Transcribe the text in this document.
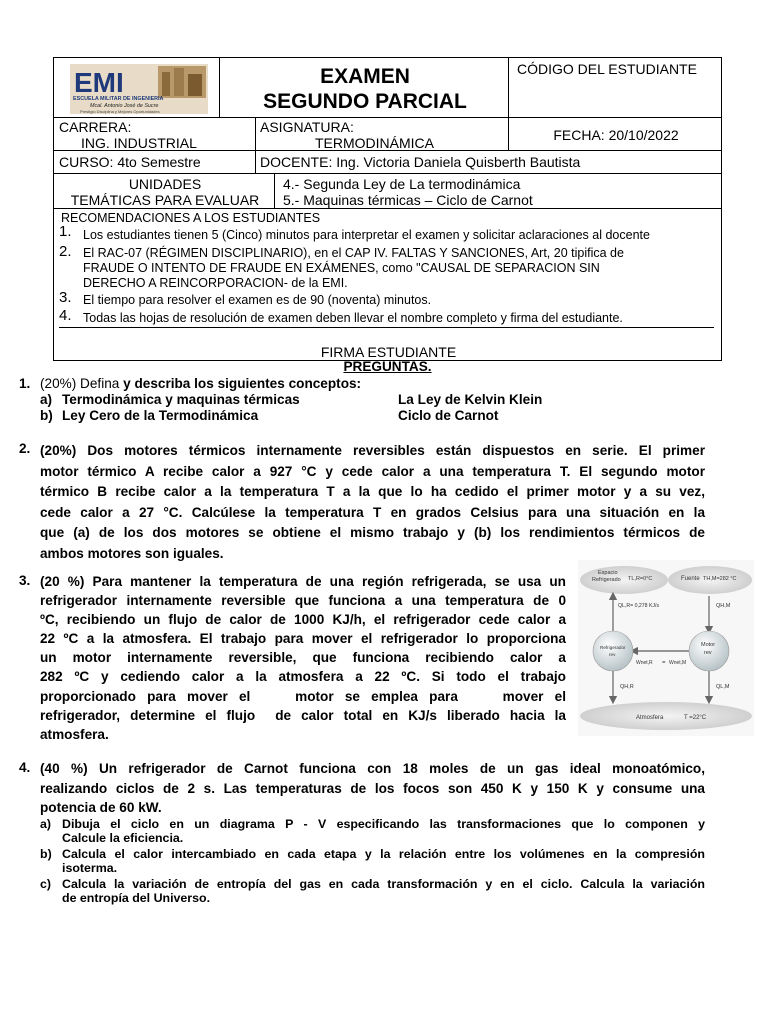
EMI
ESCUELA MILITAR DE INGENIERIA
Mcal. Antonio José de Sucre
Prestigio Disciplina y Mejores Oportunidades
EXAMEN
SEGUNDO PARCIAL
CÓDIGO DEL ESTUDIANTE
CARRERA:
ING. INDUSTRIAL
ASIGNATURA:
TERMODINÁMICA	FECHA: 20/10/2022
CURSO: 4to Semestre	DOCENTE: Ing. Victoria Daniela Quisberth Bautista
UNIDADES
TEMÁTICAS PARA EVALUAR
4.- Segunda Ley de La termodinámica
5.- Maquinas térmicas – Ciclo de Carnot
RECOMENDACIONES A LOS ESTUDIANTES
1. Los estudiantes tienen 5 (Cinco) minutos para interpretar el examen y solicitar aclaraciones al docente
2. El RAC-07 (RÉGIMEN DISCIPLINARIO), en el CAP IV. FALTAS Y SANCIONES, Art, 20 tipifica de
FRAUDE O INTENTO DE FRAUDE EN EXÁMENES, como "CAUSAL DE SEPARACION SIN
DERECHO A REINCORPORACION- de la EMI.
3. El tiempo para resolver el examen es de 90 (noventa) minutos.
4. Todas las hojas de resolución de examen deben llevar el nombre completo y firma del estudiante.
FIRMA ESTUDIANTE
PREGUNTAS.
1. (20%) Defina y describa los siguientes conceptos:
a) Termodinámica y maquinas térmicas	La Ley de Kelvin Klein
b) Ley Cero de la Termodinámica	Ciclo de Carnot
2. (20%) Dos motores térmicos internamente reversibles están dispuestos en serie. El primer
motor térmico A recibe calor a 927 °C y cede calor a una temperatura T. El segundo motor
térmico B recibe calor a la temperatura T a la que lo ha cedido el primer motor y a su vez,
cede calor a 27 °C. Calcúlese la temperatura T en grados Celsius para una situación en la
que (a) de los dos motores se obtiene el mismo trabajo y (b) los rendimientos térmicos de
ambos motores son iguales.
3. (20 %) Para mantener la temperatura de una región refrigerada, se usa un
refrigerador internamente reversible que funciona a una temperatura de 0
ºC, recibiendo un flujo de calor de 1000 KJ/h, el refrigerador cede calor a
22 ºC a la atmosfera. El trabajo para mover el refrigerador lo proporciona
un motor internamente reversible, que funciona recibiendo calor a
282 ºC y cediendo calor a la atmosfera a 22 ºC. Si todo el trabajo
proporcionado para mover el    motor se emplea para    mover el
refrigerador, determine el flujo  de calor total en KJ/s liberado hacia la
atmosfera.
Espacio
Refrigerado TL,R=0°C	Fuente TH,M=282 °C
Atmosfera	T =22°C
Refrigerador
rev
Motor
rev
QL,R= 0,278 KJ/s	QH,M
Wnet,R = Wnet,M
QH,R	QL,M
4. (40 %) Un refrigerador de Carnot funciona con 18 moles de un gas ideal monoatómico,
realizando ciclos de 2 s. Las temperaturas de los focos son 450 K y 150 K y consume una
potencia de 60 kW.
a) Dibuja el ciclo en un diagrama P - V especificando las transformaciones que lo componen y
Calcule la eficiencia.
b) Calcula el calor intercambiado en cada etapa y la relación entre los volúmenes en la compresión
isoterma.
c) Calcula la variación de entropía del gas en cada transformación y en el ciclo. Calcula la variación
de entropía del Universo.
